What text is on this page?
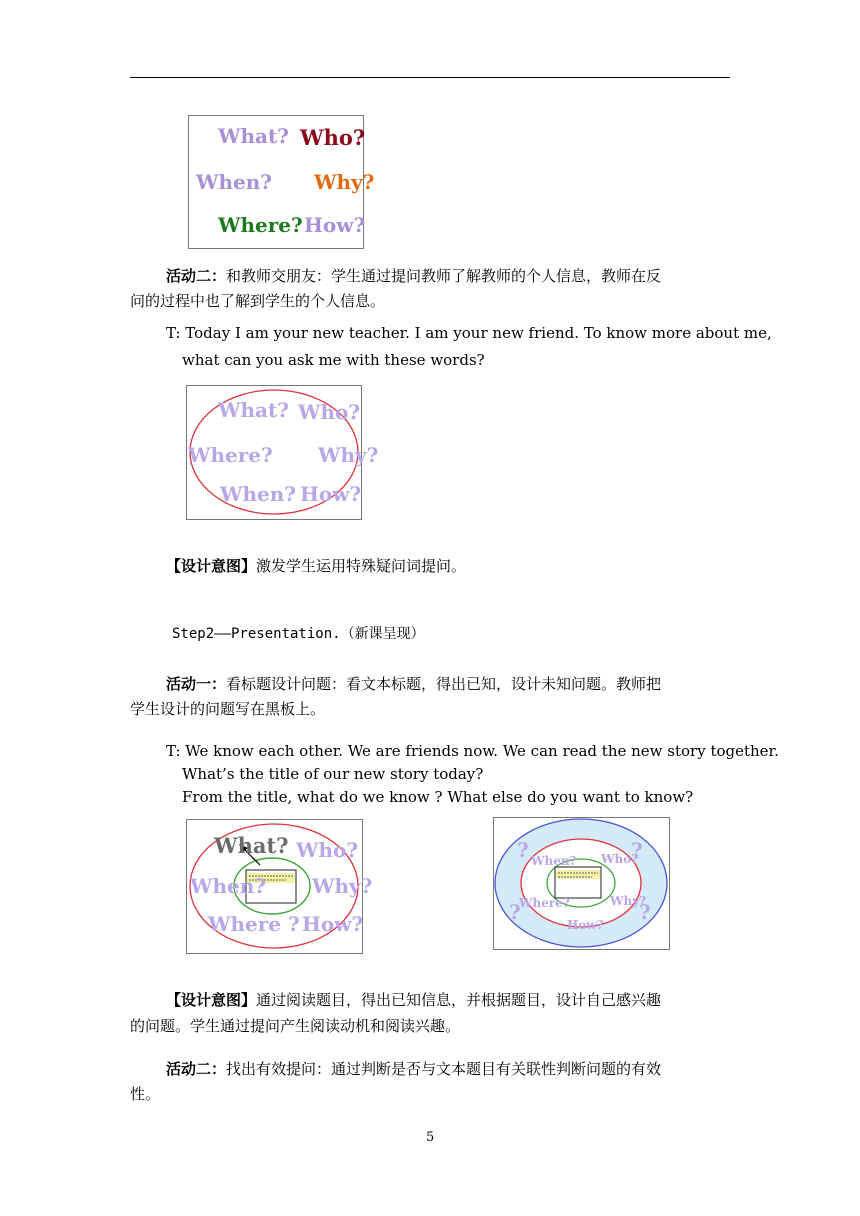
What? Who?
When? Why?
Where? How?
活动二：和教师交朋友：学生通过提问教师了解教师的个人信息，教师在反
问的过程中也了解到学生的个人信息。
T: Today I am your new teacher. I am your new friend. To know more about me,
what can you ask me with these words?
What? Who?
Where? Why?
When? How?
【设计意图】激发学生运用特殊疑问词提问。
Step2——Presentation.（新课呈现）
活动一：看标题设计问题：看文本标题，得出已知，设计未知问题。教师把
学生设计的问题写在黑板上。
T: We know each other. We are friends now. We can read the new story together.
What’s the title of our new story today?
From the title, what do we know ? What else do you want to know?
What? Who?
When? Why?
Where ? How?
When? Who?
Where?	Why?
How?
?	?
?	?
【设计意图】通过阅读题目，得出已知信息，并根据题目，设计自己感兴趣
的问题。学生通过提问产生阅读动机和阅读兴趣。
活动二：找出有效提问：通过判断是否与文本题目有关联性判断问题的有效
性。
5
